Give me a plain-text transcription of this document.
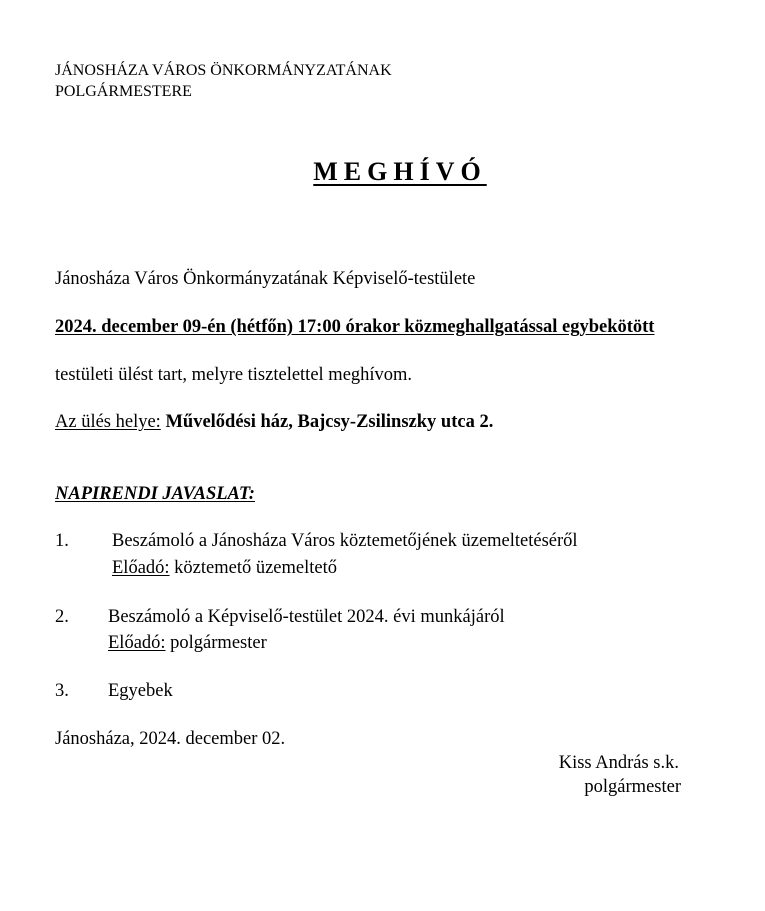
JÁNOSHÁZA VÁROS ÖNKORMÁNYZATÁNAK
POLGÁRMESTERE
MEGHÍVÓ
Jánosháza Város Önkormányzatának Képviselő-testülete
2024. december 09-én (hétfőn) 17:00 órakor közmeghallgatással egybekötött
testületi ülést tart, melyre tisztelettel meghívom.
Az ülés helye: Művelődési ház, Bajcsy-Zsilinszky utca 2.
NAPIRENDI JAVASLAT:
1. Beszámoló a Jánosháza Város köztemetőjének üzemeltetéséről
Előadó: köztemető üzemeltető
2. Beszámoló a Képviselő-testület 2024. évi munkájáról
Előadó: polgármester
3. Egyebek
Jánosháza, 2024. december 02.
Kiss András s.k.
polgármester
